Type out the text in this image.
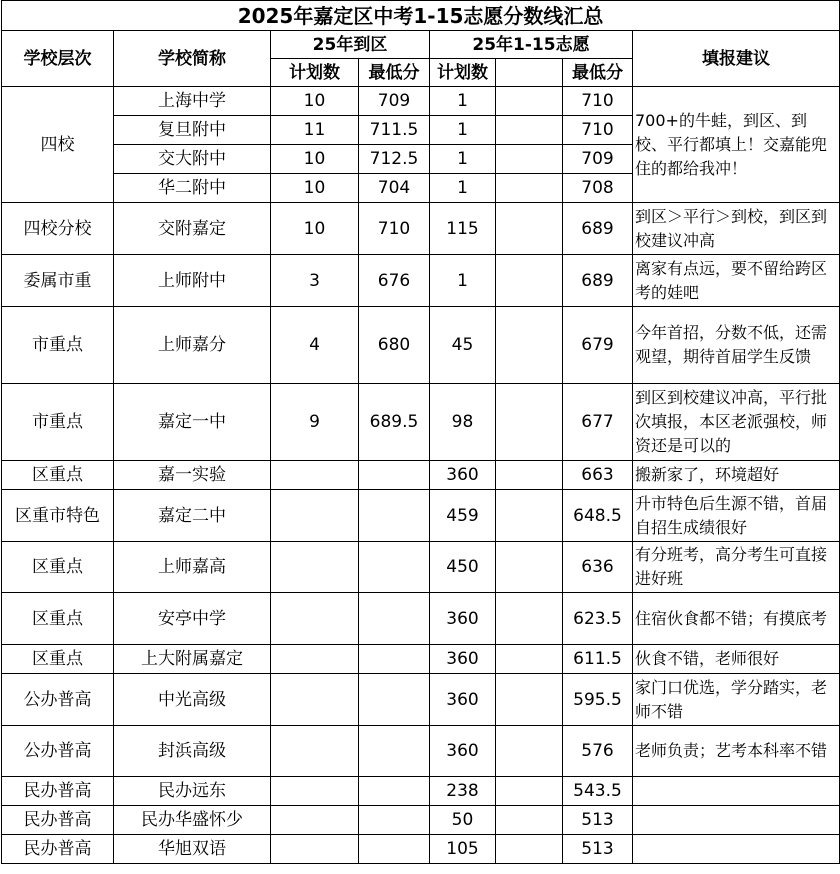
2025年嘉定区中考1-15志愿分数线汇总							
学校层次	学校简称	25年到区		25年1-15志愿			填报建议
		计划数	最低分	计划数		最低分	
四校	上海中学	10	709	1		710	700+的牛蛙，到区、到校、平行都填上！交嘉能兜住的都给我冲！
	复旦附中	11	711.5	1		710	
	交大附中	10	712.5	1		709	
	华二附中	10	704	1		708	
四校分校	交附嘉定	10	710	115		689	到区＞平行＞到校，到区到校建议冲高
委属市重	上师附中	3	676	1		689	离家有点远，要不留给跨区考的娃吧
市重点	上师嘉分	4	680	45		679	今年首招，分数不低，还需观望，期待首届学生反馈
市重点	嘉定一中	9	689.5	98		677	到区到校建议冲高，平行批次填报，本区老派强校，师资还是可以的
区重点	嘉一实验			360		663	搬新家了，环境超好
区重市特色	嘉定二中			459		648.5	升市特色后生源不错，首届自招生成绩很好
区重点	上师嘉高			450		636	有分班考，高分考生可直接进好班
区重点	安亭中学			360		623.5	住宿伙食都不错；有摸底考
区重点	上大附属嘉定			360		611.5	伙食不错，老师很好
公办普高	中光高级			360		595.5	家门口优选，学分踏实，老师不错
公办普高	封浜高级			360		576	老师负责；艺考本科率不错
民办普高	民办远东			238		543.5	
民办普高	民办华盛怀少			50		513	
民办普高	华旭双语			105		513	
